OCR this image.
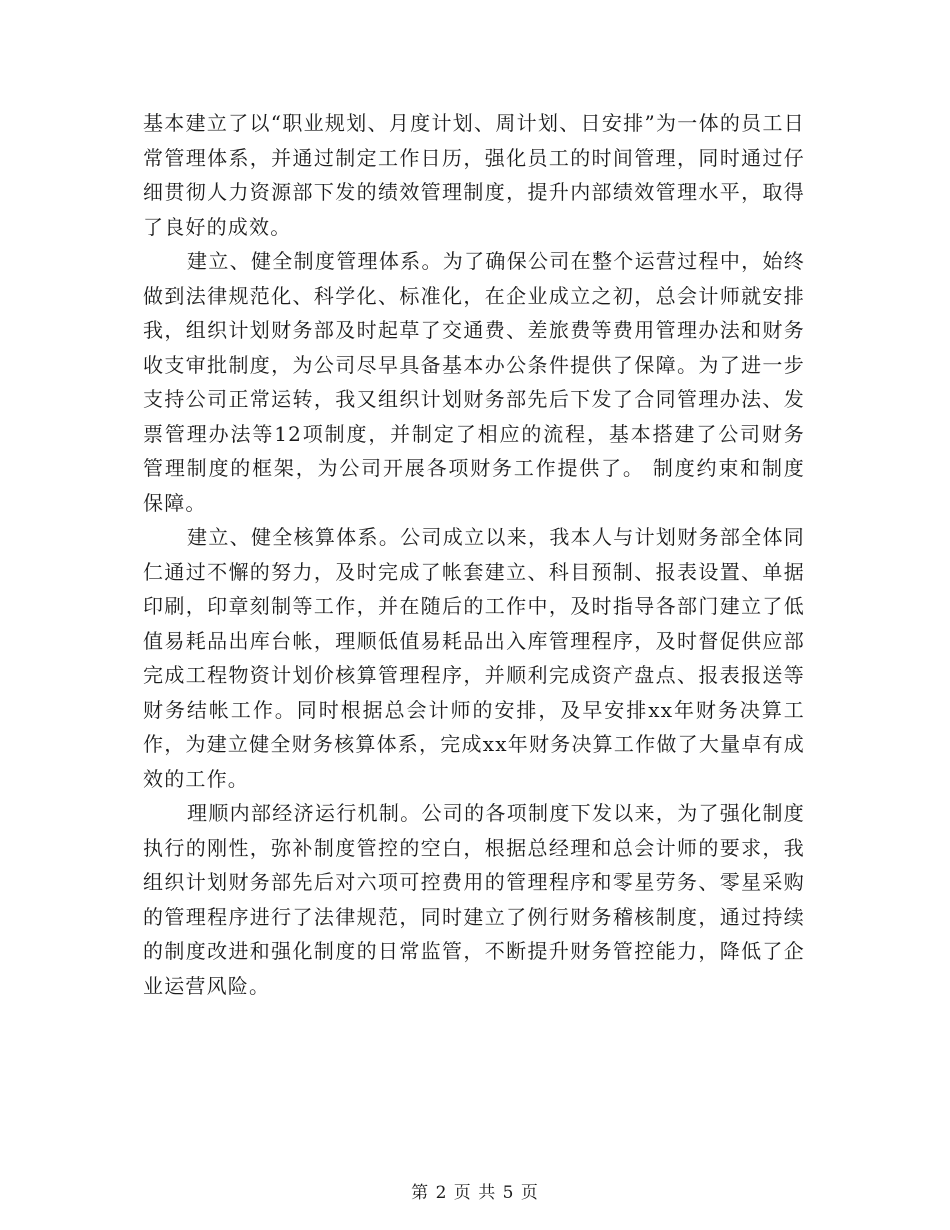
基本建立了以“职业规划、月度计划、周计划、日安排”为一体的员工日常管理体系，并通过制定工作日历，强化员工的时间管理，同时通过仔细贯彻人力资源部下发的绩效管理制度，提升内部绩效管理水平，取得了良好的成效。

建立、健全制度管理体系。为了确保公司在整个运营过程中，始终做到法律规范化、科学化、标准化，在企业成立之初，总会计师就安排我，组织计划财务部及时起草了交通费、差旅费等费用管理办法和财务收支审批制度，为公司尽早具备基本办公条件提供了保障。为了进一步支持公司正常运转，我又组织计划财务部先后下发了合同管理办法、发票管理办法等12项制度，并制定了相应的流程，基本搭建了公司财务管理制度的框架，为公司开展各项财务工作提供了。 制度约束和制度保障。

建立、健全核算体系。公司成立以来，我本人与计划财务部全体同仁通过不懈的努力，及时完成了帐套建立、科目预制、报表设置、单据印刷，印章刻制等工作，并在随后的工作中，及时指导各部门建立了低值易耗品出库台帐，理顺低值易耗品出入库管理程序，及时督促供应部完成工程物资计划价核算管理程序，并顺利完成资产盘点、报表报送等财务结帐工作。同时根据总会计师的安排，及早安排xx年财务决算工作，为建立健全财务核算体系，完成xx年财务决算工作做了大量卓有成效的工作。

理顺内部经济运行机制。公司的各项制度下发以来，为了强化制度执行的刚性，弥补制度管控的空白，根据总经理和总会计师的要求，我组织计划财务部先后对六项可控费用的管理程序和零星劳务、零星采购的管理程序进行了法律规范，同时建立了例行财务稽核制度，通过持续的制度改进和强化制度的日常监管，不断提升财务管控能力，降低了企业运营风险。

第 2 页 共 5 页
